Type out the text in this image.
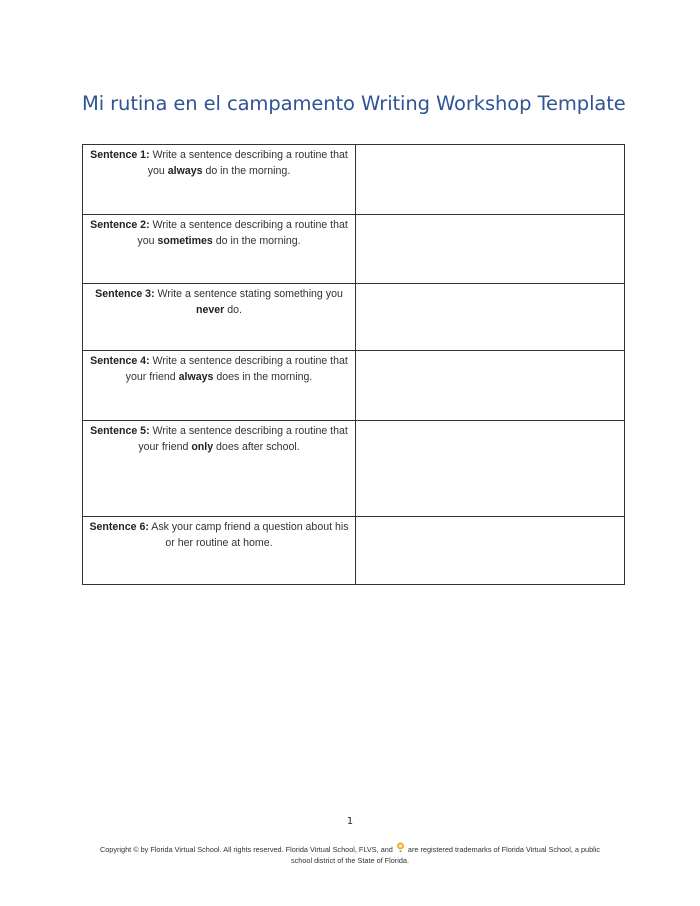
Mi rutina en el campamento Writing Workshop Template
Sentence 1: Write a sentence describing a routine that you always do in the morning.	
Sentence 2: Write a sentence describing a routine that you sometimes do in the morning.	
Sentence 3: Write a sentence stating something you never do.	
Sentence 4: Write a sentence describing a routine that your friend always does in the morning.	
Sentence 5: Write a sentence describing a routine that your friend only does after school.	
Sentence 6: Ask your camp friend a question about his or her routine at home.	
1
Copyright © by Florida Virtual School. All rights reserved. Florida Virtual School, FLVS, and  are registered trademarks of Florida Virtual School, a public school district of the State of Florida.
